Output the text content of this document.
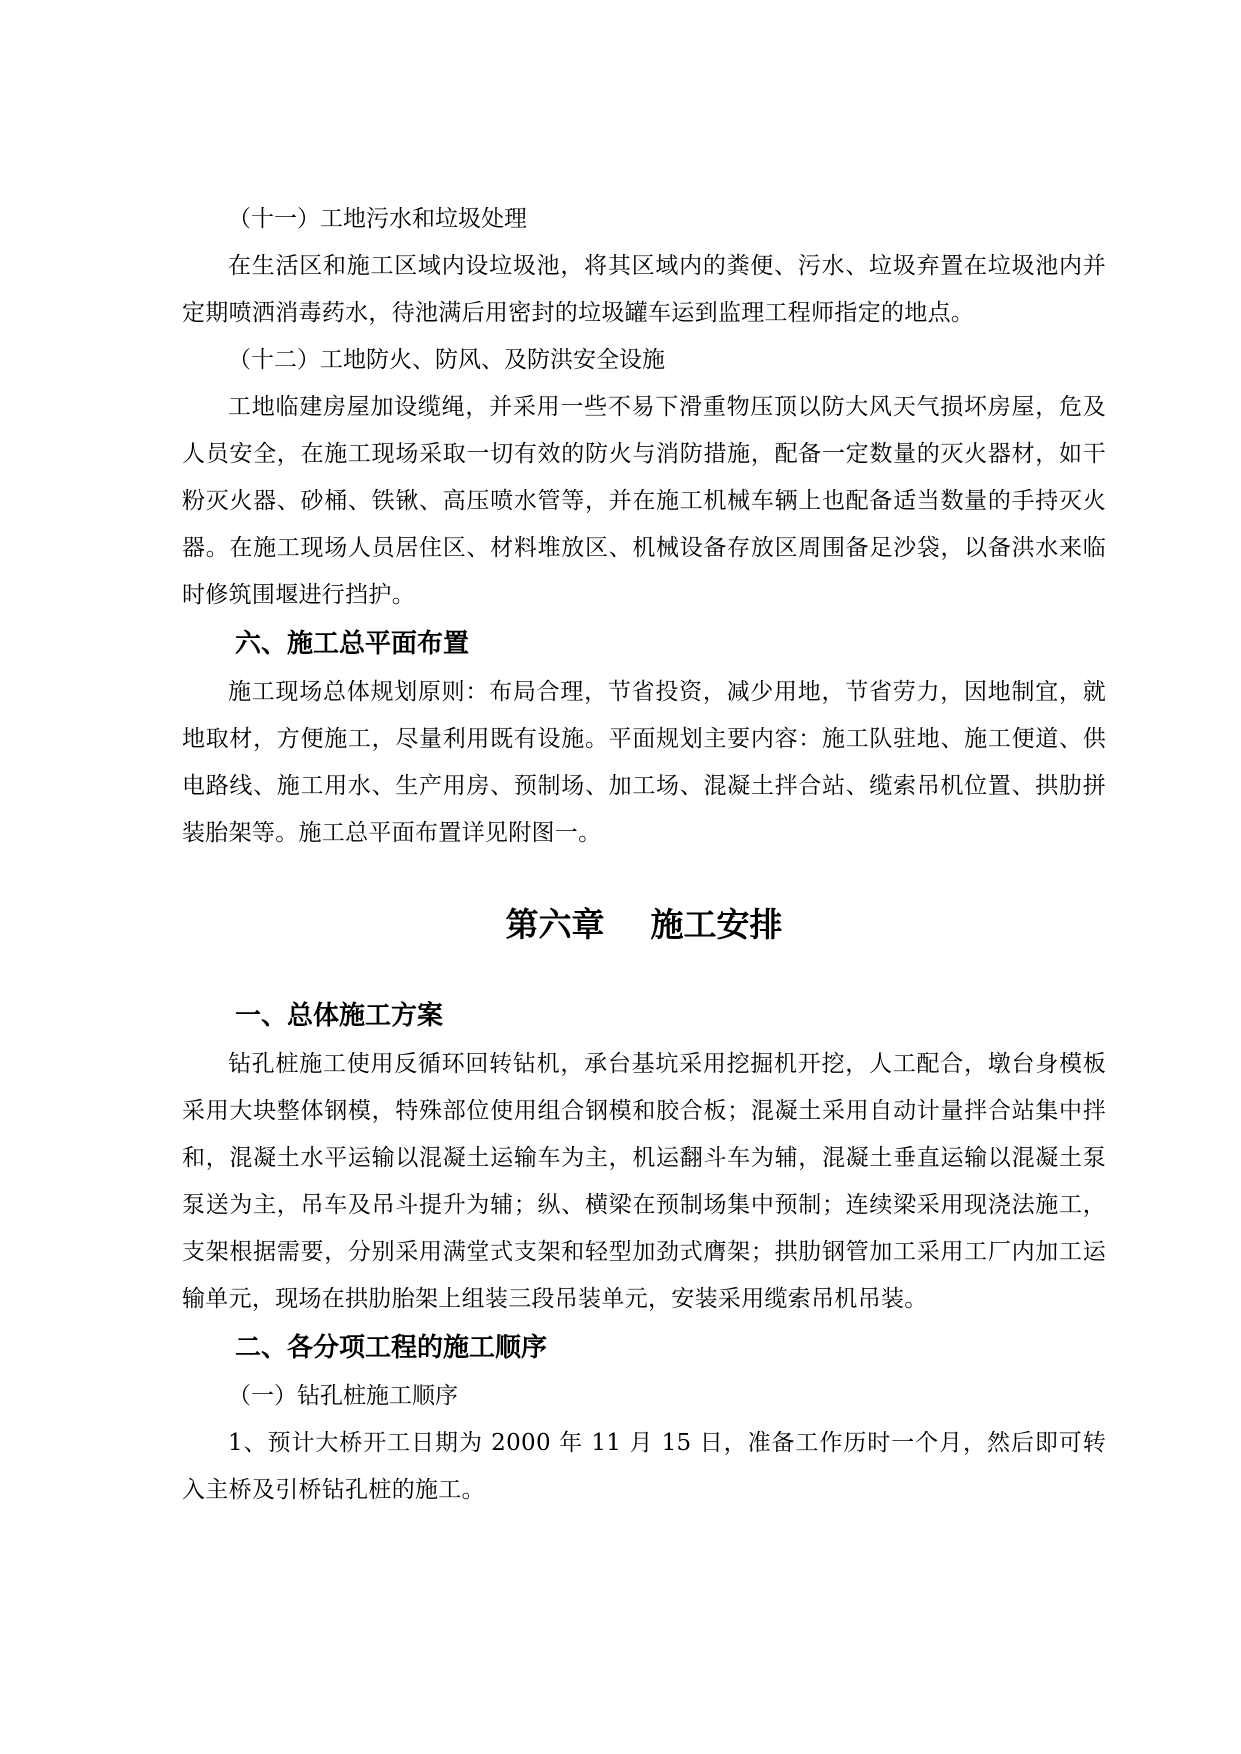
（十一）工地污水和垃圾处理

在生活区和施工区域内设垃圾池，将其区域内的粪便、污水、垃圾弃置在垃圾池内并定期喷洒消毒药水，待池满后用密封的垃圾罐车运到监理工程师指定的地点。

（十二）工地防火、防风、及防洪安全设施

工地临建房屋加设缆绳，并采用一些不易下滑重物压顶以防大风天气损坏房屋，危及人员安全，在施工现场采取一切有效的防火与消防措施，配备一定数量的灭火器材，如干粉灭火器、砂桶、铁锹、高压喷水管等，并在施工机械车辆上也配备适当数量的手持灭火器。在施工现场人员居住区、材料堆放区、机械设备存放区周围备足沙袋，以备洪水来临时修筑围堰进行挡护。

六、施工总平面布置

施工现场总体规划原则：布局合理，节省投资，减少用地，节省劳力，因地制宜，就地取材，方便施工，尽量利用既有设施。平面规划主要内容：施工队驻地、施工便道、供电路线、施工用水、生产用房、预制场、加工场、混凝土拌合站、缆索吊机位置、拱肋拼装胎架等。施工总平面布置详见附图一。

第六章    施工安排

一、总体施工方案

钻孔桩施工使用反循环回转钻机，承台基坑采用挖掘机开挖，人工配合，墩台身模板采用大块整体钢模，特殊部位使用组合钢模和胶合板；混凝土采用自动计量拌合站集中拌和，混凝土水平运输以混凝土运输车为主，机运翻斗车为辅，混凝土垂直运输以混凝土泵泵送为主，吊车及吊斗提升为辅；纵、横梁在预制场集中预制；连续梁采用现浇法施工，支架根据需要，分别采用满堂式支架和轻型加劲式膺架；拱肋钢管加工采用工厂内加工运输单元，现场在拱肋胎架上组装三段吊装单元，安装采用缆索吊机吊装。

二、各分项工程的施工顺序

（一）钻孔桩施工顺序

1、预计大桥开工日期为 2000 年 11 月 15 日，准备工作历时一个月，然后即可转入主桥及引桥钻孔桩的施工。
